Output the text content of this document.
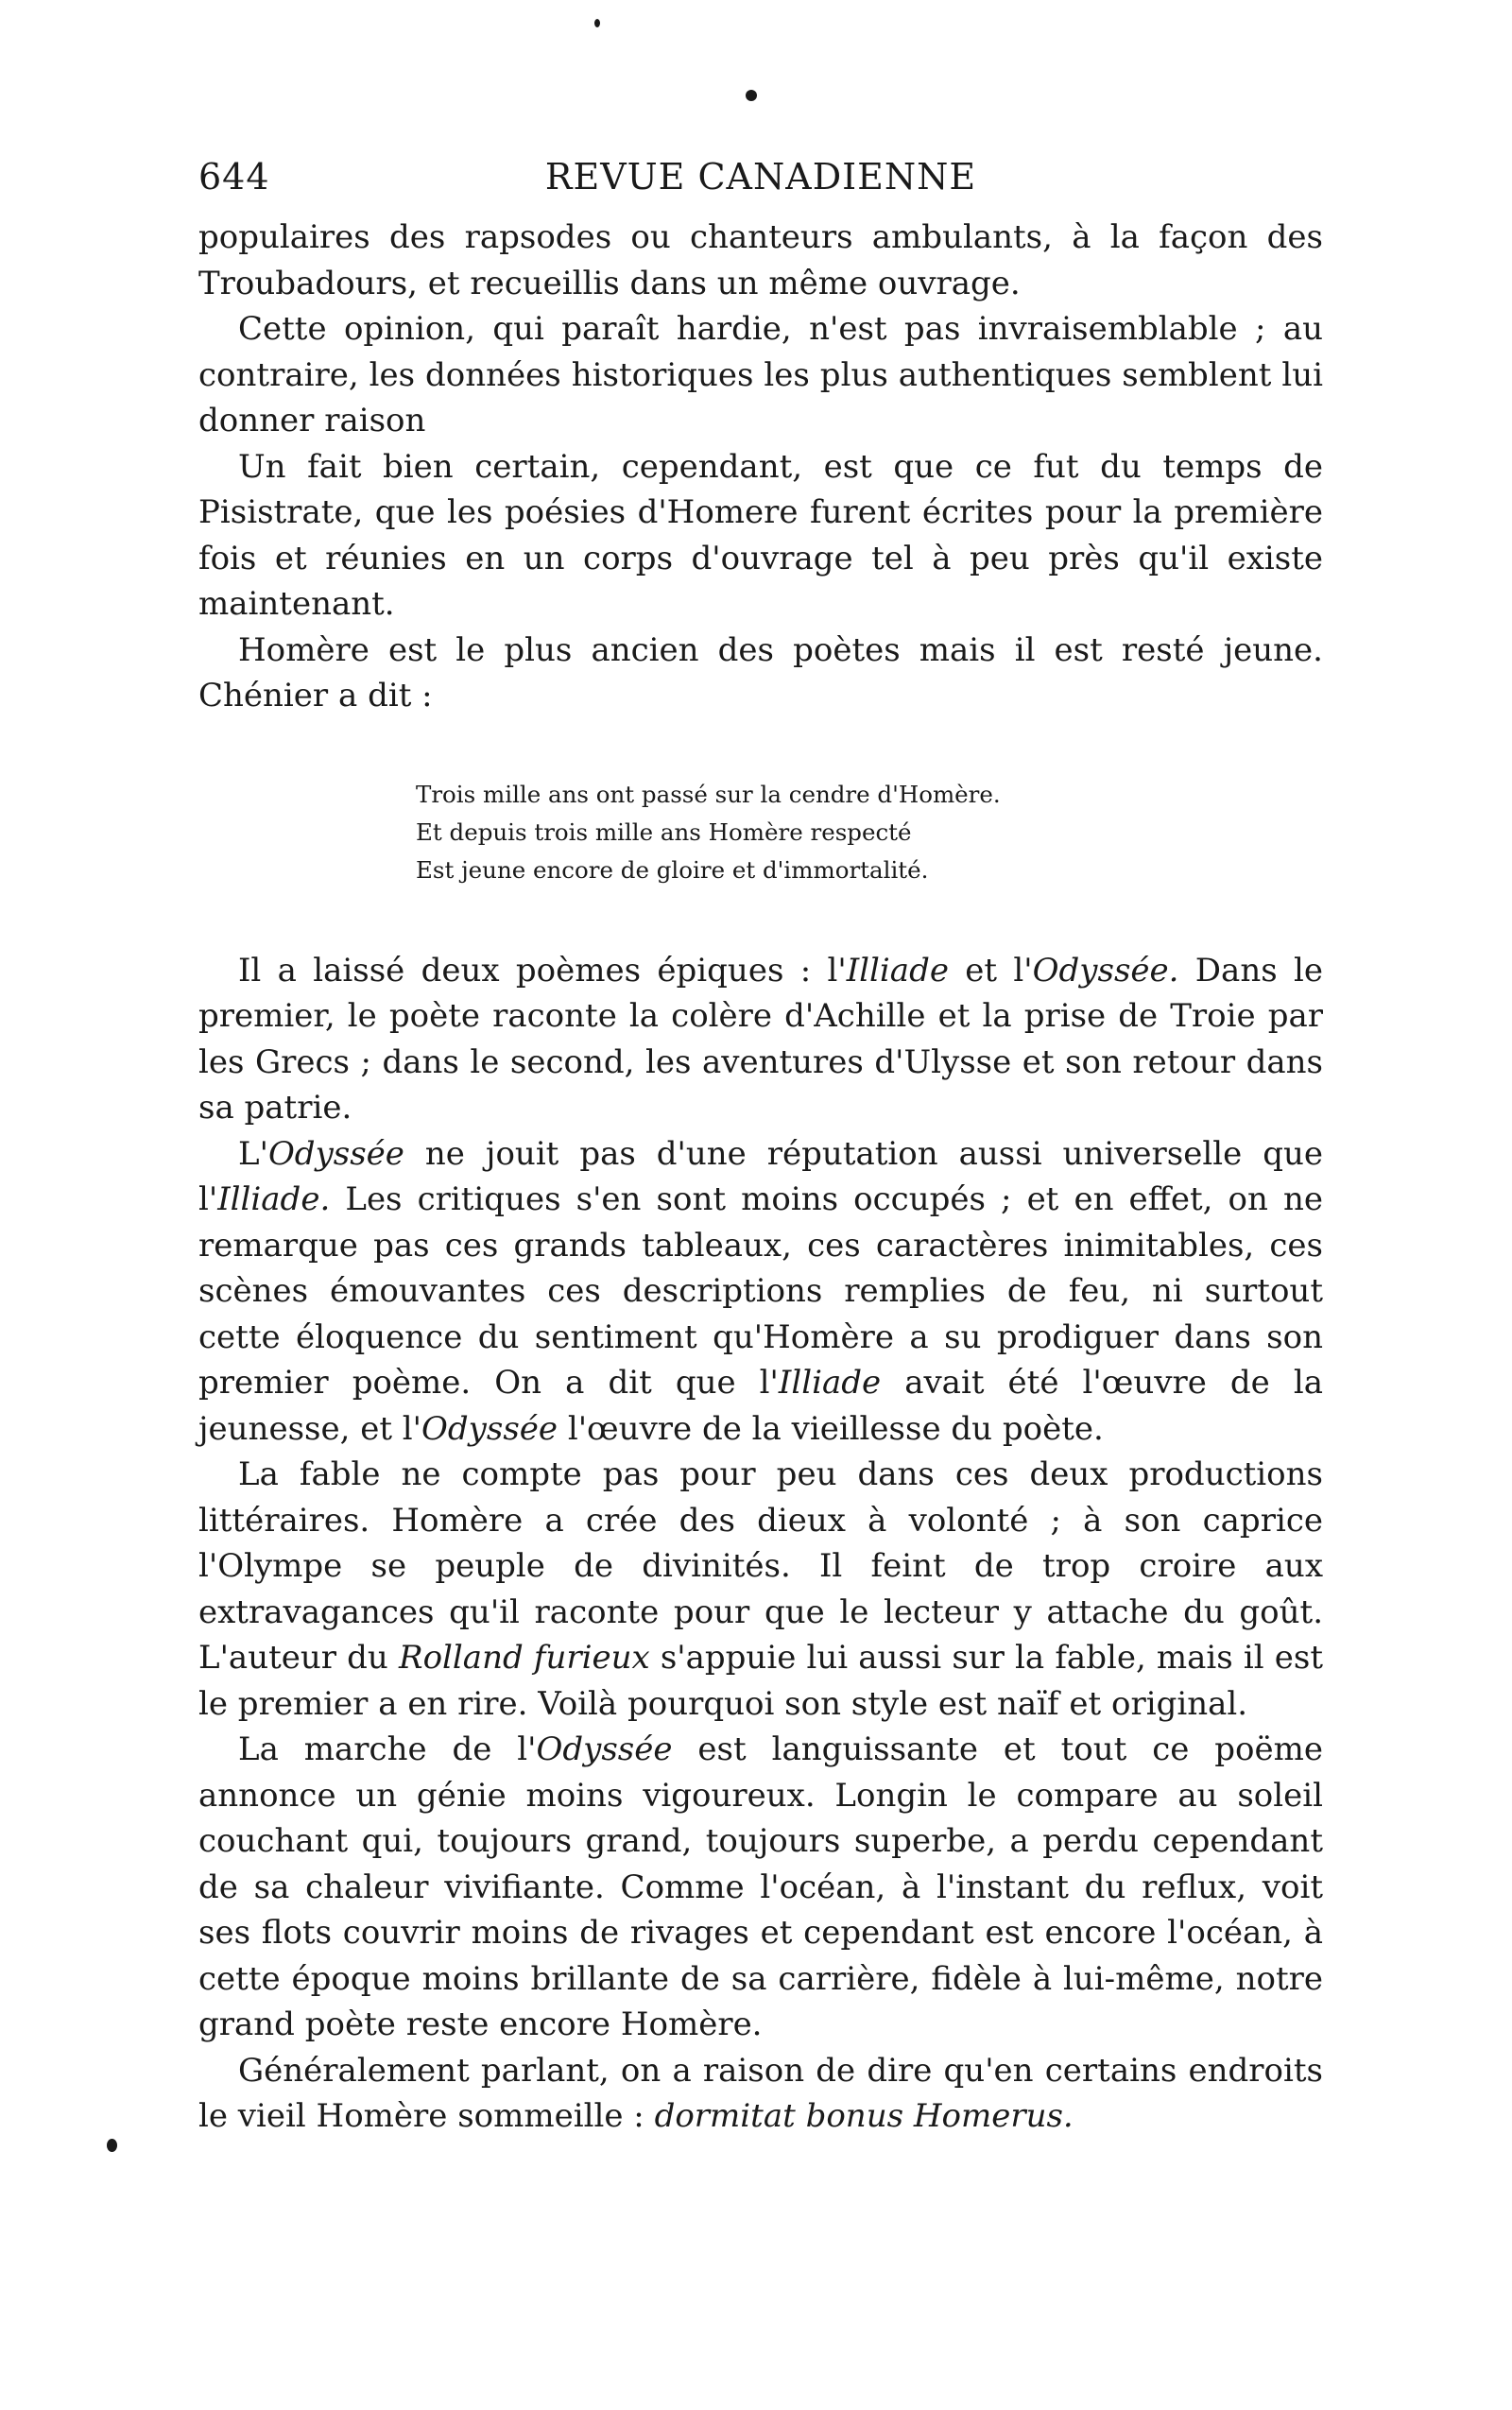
644	REVUE CANADIENNE

populaires des rapsodes ou chanteurs ambulants, à la façon des Troubadours, et recueillis dans un même ouvrage.

Cette opinion, qui paraît hardie, n'est pas invraisemblable ; au contraire, les données historiques les plus authentiques semblent lui donner raison

Un fait bien certain, cependant, est que ce fut du temps de Pisistrate, que les poésies d'Homere furent écrites pour la première fois et réunies en un corps d'ouvrage tel à peu près qu'il existe maintenant.

Homère est le plus ancien des poètes mais il est resté jeune. Chénier a dit :

Trois mille ans ont passé sur la cendre d'Homère.
Et depuis trois mille ans Homère respecté
Est jeune encore de gloire et d'immortalité.

Il a laissé deux poèmes épiques : l'Illiade et l'Odyssée. Dans le premier, le poète raconte la colère d'Achille et la prise de Troie par les Grecs ; dans le second, les aventures d'Ulysse et son retour dans sa patrie.

L'Odyssée ne jouit pas d'une réputation aussi universelle que l'Illiade. Les critiques s'en sont moins occupés ; et en effet, on ne remarque pas ces grands tableaux, ces caractères inimitables, ces scènes émouvantes ces descriptions remplies de feu, ni surtout cette éloquence du sentiment qu'Homère a su prodiguer dans son premier poème. On a dit que l'Illiade avait été l'œuvre de la jeunesse, et l'Odyssée l'œuvre de la vieillesse du poète.

La fable ne compte pas pour peu dans ces deux productions littéraires. Homère a crée des dieux à volonté ; à son caprice l'Olympe se peuple de divinités. Il feint de trop croire aux extravagances qu'il raconte pour que le lecteur y attache du goût. L'auteur du Rolland furieux s'appuie lui aussi sur la fable, mais il est le premier a en rire. Voilà pourquoi son style est naïf et original.

La marche de l'Odyssée est languissante et tout ce poëme annonce un génie moins vigoureux. Longin le compare au soleil couchant qui, toujours grand, toujours superbe, a perdu cependant de sa chaleur vivifiante. Comme l'océan, à l'instant du reflux, voit ses flots couvrir moins de rivages et cependant est encore l'océan, à cette époque moins brillante de sa carrière, fidèle à lui-même, notre grand poète reste encore Homère.

Généralement parlant, on a raison de dire qu'en certains endroits le vieil Homère sommeille : dormitat bonus Homerus.
